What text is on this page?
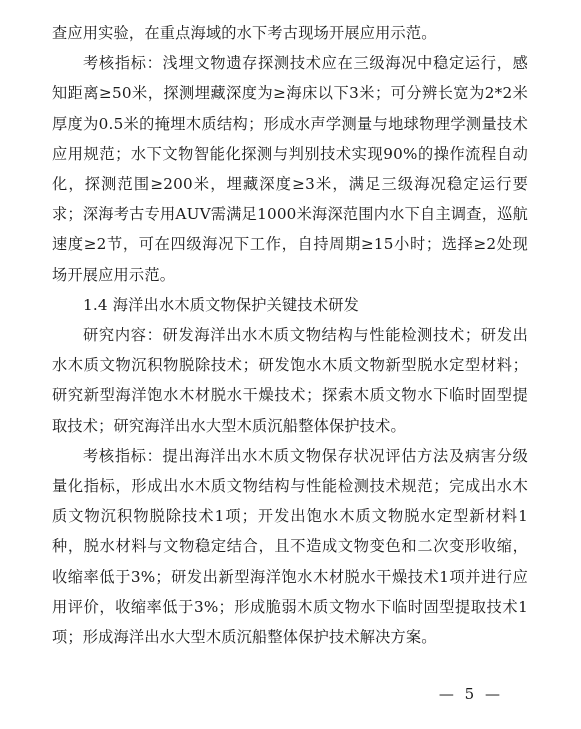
查应用实验，在重点海域的水下考古现场开展应用示范。

考核指标：浅埋文物遗存探测技术应在三级海况中稳定运行，感知距离≥50米，探测埋藏深度为≥海床以下3米；可分辨长宽为2*2米厚度为0.5米的掩埋木质结构；形成水声学测量与地球物理学测量技术应用规范；水下文物智能化探测与判别技术实现90%的操作流程自动化，探测范围≥200米，埋藏深度≥3米，满足三级海况稳定运行要求；深海考古专用AUV需满足1000米海深范围内水下自主调查，巡航速度≥2节，可在四级海况下工作，自持周期≥15小时；选择≥2处现场开展应用示范。

1.4 海洋出水木质文物保护关键技术研发

研究内容：研发海洋出水木质文物结构与性能检测技术；研发出水木质文物沉积物脱除技术；研发饱水木质文物新型脱水定型材料；研究新型海洋饱水木材脱水干燥技术；探索木质文物水下临时固型提取技术；研究海洋出水大型木质沉船整体保护技术。

考核指标：提出海洋出水木质文物保存状况评估方法及病害分级量化指标，形成出水木质文物结构与性能检测技术规范；完成出水木质文物沉积物脱除技术1项；开发出饱水木质文物脱水定型新材料1种，脱水材料与文物稳定结合，且不造成文物变色和二次变形收缩，收缩率低于3%；研发出新型海洋饱水木材脱水干燥技术1项并进行应用评价，收缩率低于3%；形成脆弱木质文物水下临时固型提取技术1项；形成海洋出水大型木质沉船整体保护技术解决方案。

— 5 —
